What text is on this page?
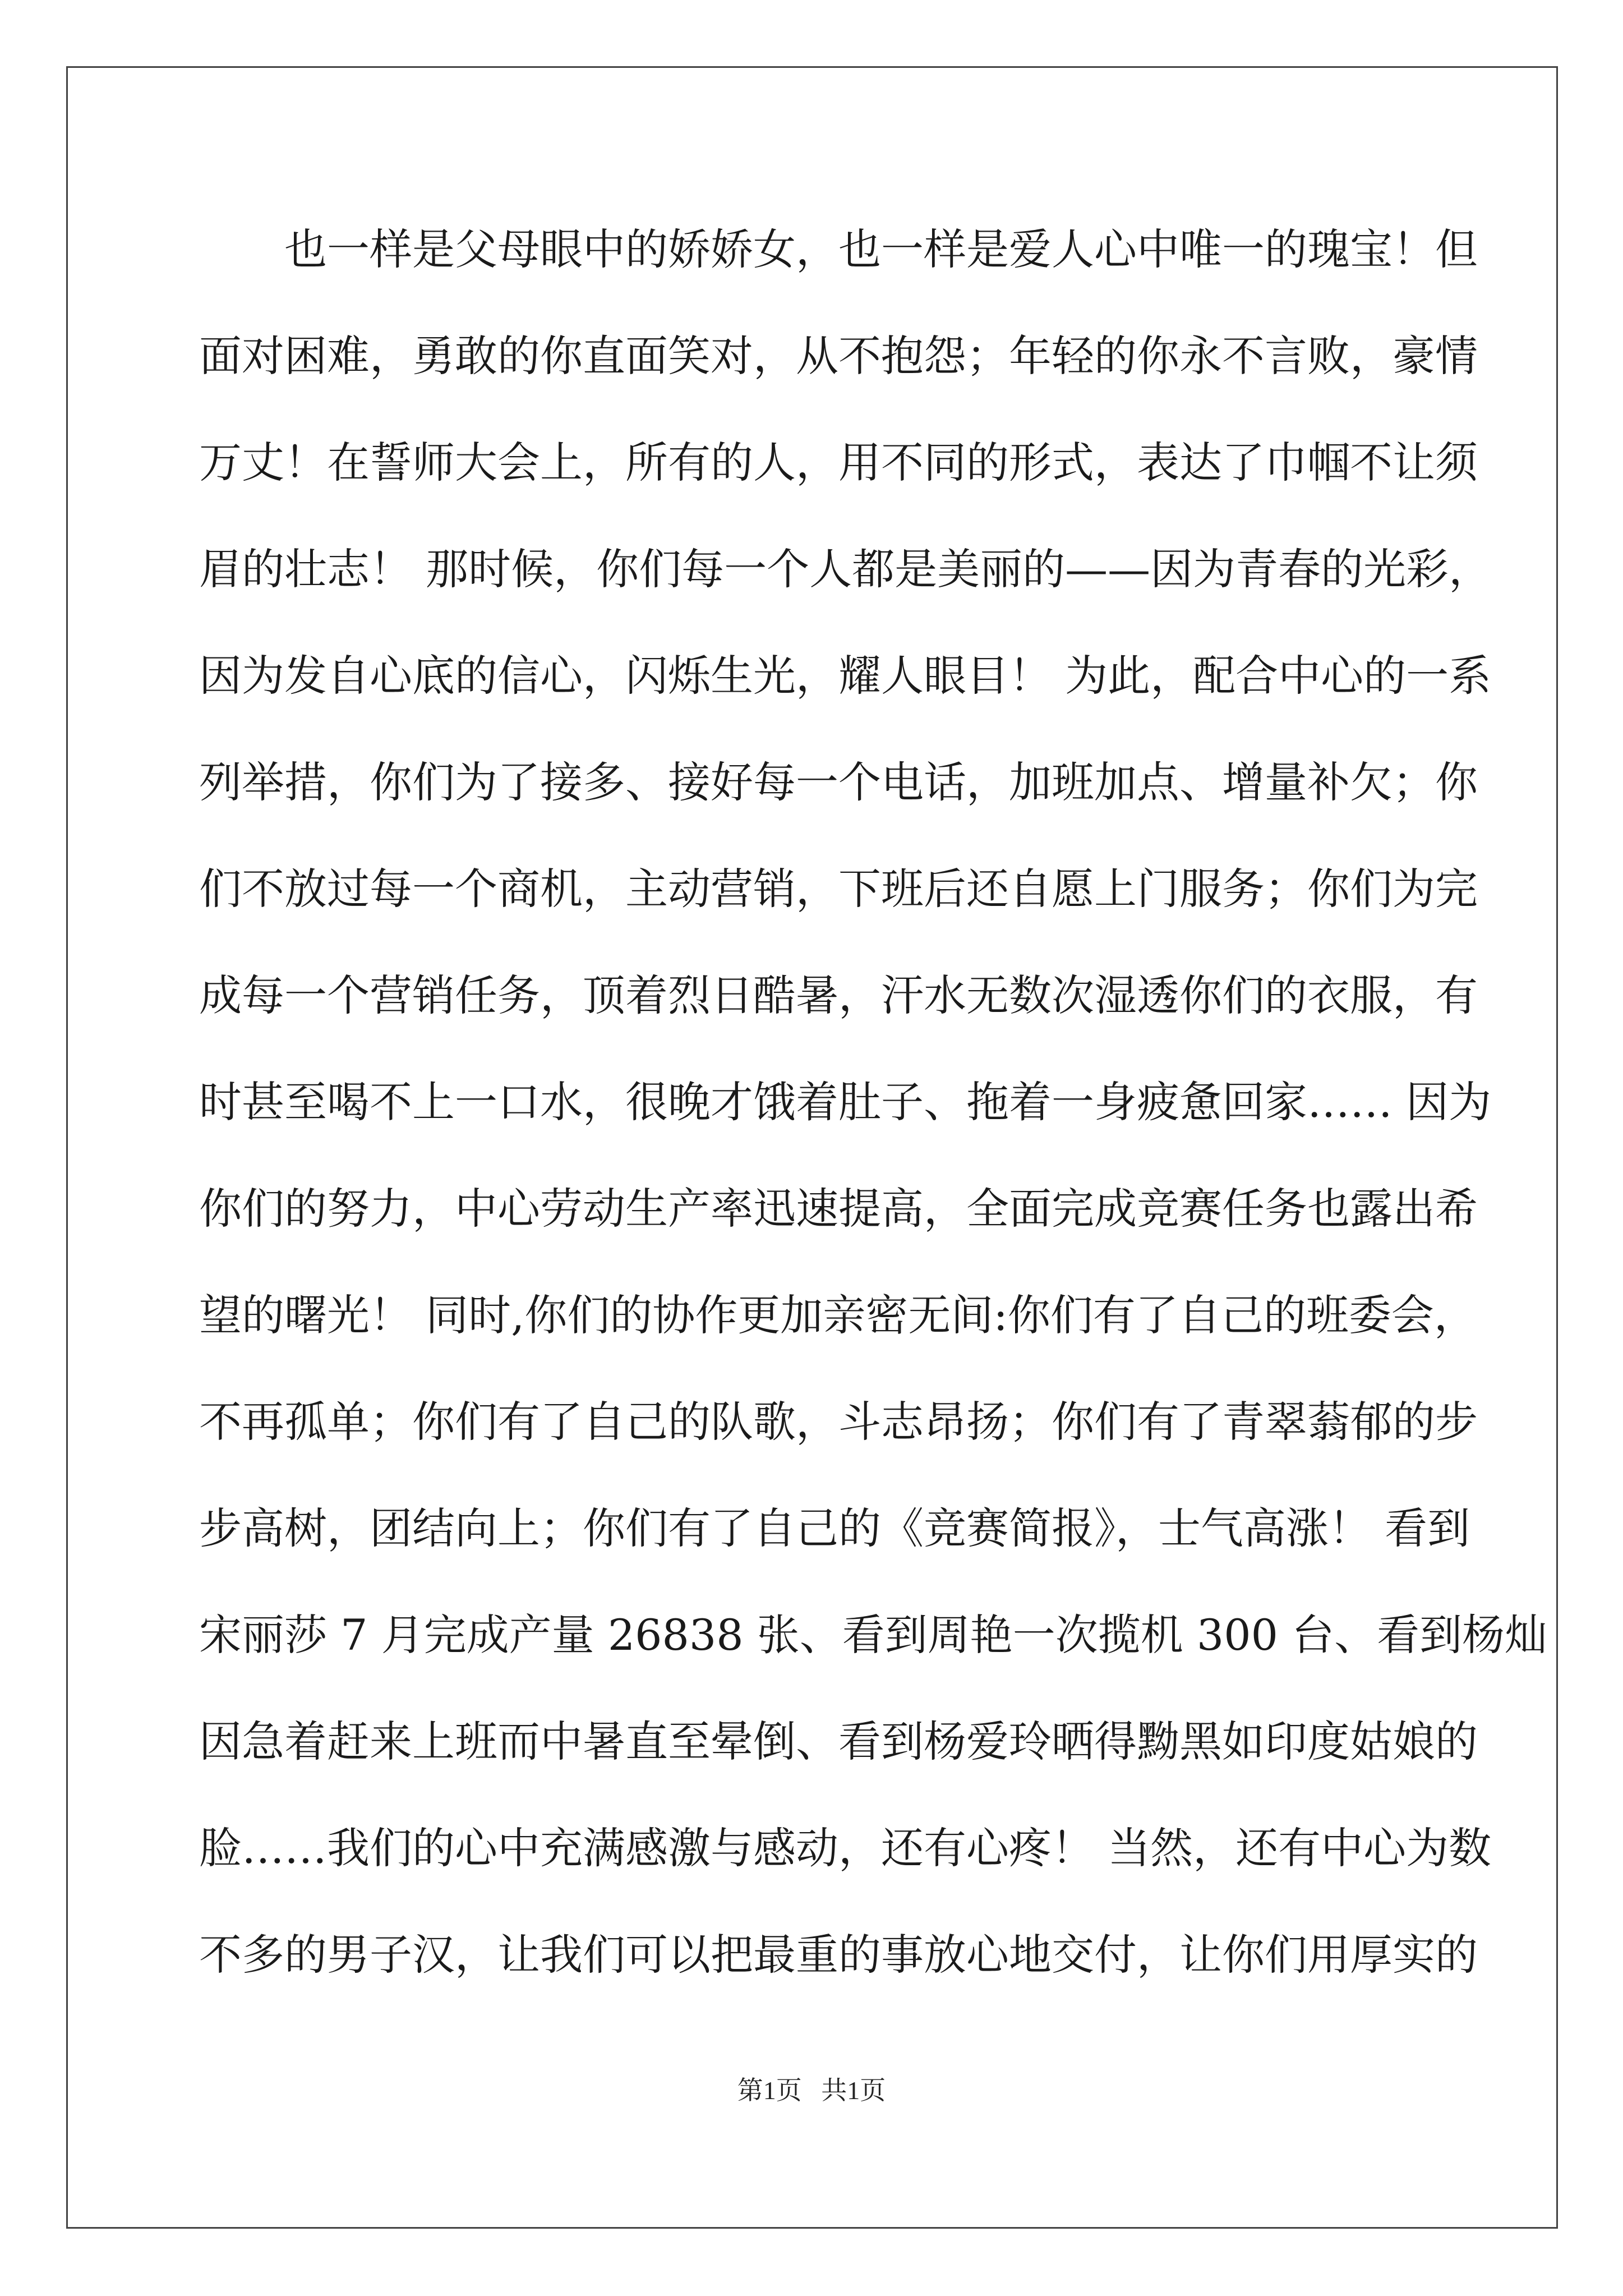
也一样是父母眼中的娇娇女，也一样是爱人心中唯一的瑰宝！但
面对困难，勇敢的你直面笑对，从不抱怨；年轻的你永不言败，豪情
万丈！在誓师大会上，所有的人，用不同的形式，表达了巾帼不让须
眉的壮志！ 那时候，你们每一个人都是美丽的——因为青春的光彩，
因为发自心底的信心，闪烁生光，耀人眼目！ 为此，配合中心的一系
列举措，你们为了接多、接好每一个电话，加班加点、增量补欠；你
们不放过每一个商机，主动营销，下班后还自愿上门服务；你们为完
成每一个营销任务，顶着烈日酷暑，汗水无数次湿透你们的衣服，有
时甚至喝不上一口水，很晚才饿着肚子、拖着一身疲惫回家…… 因为
你们的努力，中心劳动生产率迅速提高，全面完成竞赛任务也露出希
望的曙光！ 同时,你们的协作更加亲密无间:你们有了自己的班委会，
不再孤单；你们有了自己的队歌，斗志昂扬；你们有了青翠蓊郁的步
步高树，团结向上；你们有了自己的《竞赛简报》，士气高涨！ 看到
宋丽莎 7 月完成产量 26838 张、看到周艳一次揽机 300 台、看到杨灿
因急着赶来上班而中暑直至晕倒、看到杨爱玲晒得黝黑如印度姑娘的
脸……我们的心中充满感激与感动，还有心疼！ 当然，还有中心为数
不多的男子汉，让我们可以把最重的事放心地交付，让你们用厚实的
第1页   共1页
